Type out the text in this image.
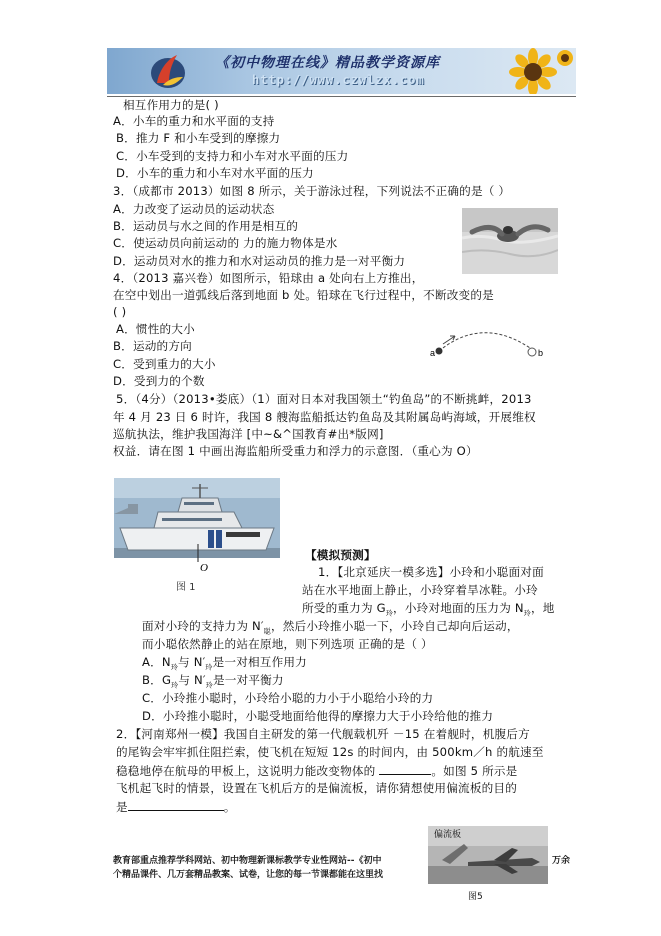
《初中物理在线》精品教学资源库
http://www.czwlzx.com
相互作用力的是( )
A．小车的重力和水平面的支持
B．推力 F 和小车受到的摩擦力
C．小车受到的支持力和小车对水平面的压力
D．小车的重力和小车对水平面的压力
3．（成都市 2013）如图 8 所示，关于游泳过程，下列说法不正确的是（ ）
A．力改变了运动员的运动状态
B．运动员与水之间的作用是相互的
C．使运动员向前运动的 力的施力物体是水
D．运动员对水的推力和水对运动员的推力是一对平衡力
4．（2013 嘉兴卷）如图所示，铅球由 a 处向右上方推出，
在空中划出一道弧线后落到地面 b 处。铅球在飞行过程中，不断改变的是
( )
A．惯性的大小
B．运动的方向
C．受到重力的大小
D．受到力的个数
a	b
5．（4分）（2013•娄底）（1）面对日本对我国领土“钓鱼岛”的不断挑衅，2013
年 4 月 23 日 6 时许，我国 8 艘海监船抵达钓鱼岛及其附属岛屿海域，开展维权
巡航执法，维护我国海洋 [中~&^国教育#出*版网]
权益．请在图 1 中画出海监船所受重力和浮力的示意图．（重心为 O）
O
图 1
【模拟预测】
1．【北京延庆一模多选】小玲和小聪面对面
站在水平地面上静止，小玲穿着旱冰鞋。小玲
所受的重力为 $G_玲$，小玲对地面的压力为 $N_玲$，地
面对小玲的支持力为 $N'_聪$，然后小玲推小聪一下，小玲自己却向后运动，
而小聪依然静止的站在原地，则下列选项 正确的是（ ）
A．$N_玲$与 $N'_玲$是一对相互作用力
B．$G_玲$与 $N'_玲$是一对平衡力
C．小玲推小聪时，小玲给小聪的力小于小聪给小玲的力
D．小玲推小聪时，小聪受地面给他得的摩擦力大于小玲给他的推力
2．【河南郑州一模】我国自主研发的第一代舰载机歼 －15 在着舰时，机腹后方
的尾钩会牢牢抓住阻拦索，使飞机在短短 12s 的时间内，由 500km／h 的航速至
稳稳地停在航母的甲板上，这说明力能改变物体的	。如图 5 所示是
飞机起飞时的情景，设置在飞机后方的是偏流板，请你猜想使用偏流板的目的
是	。
偏流板
图5
教育部重点推荐学科网站、初中物理新课标教学专业性网站--《初中
个精品课件、几万套精品教案、试卷，让您的每一节课都能在这里找
万余
